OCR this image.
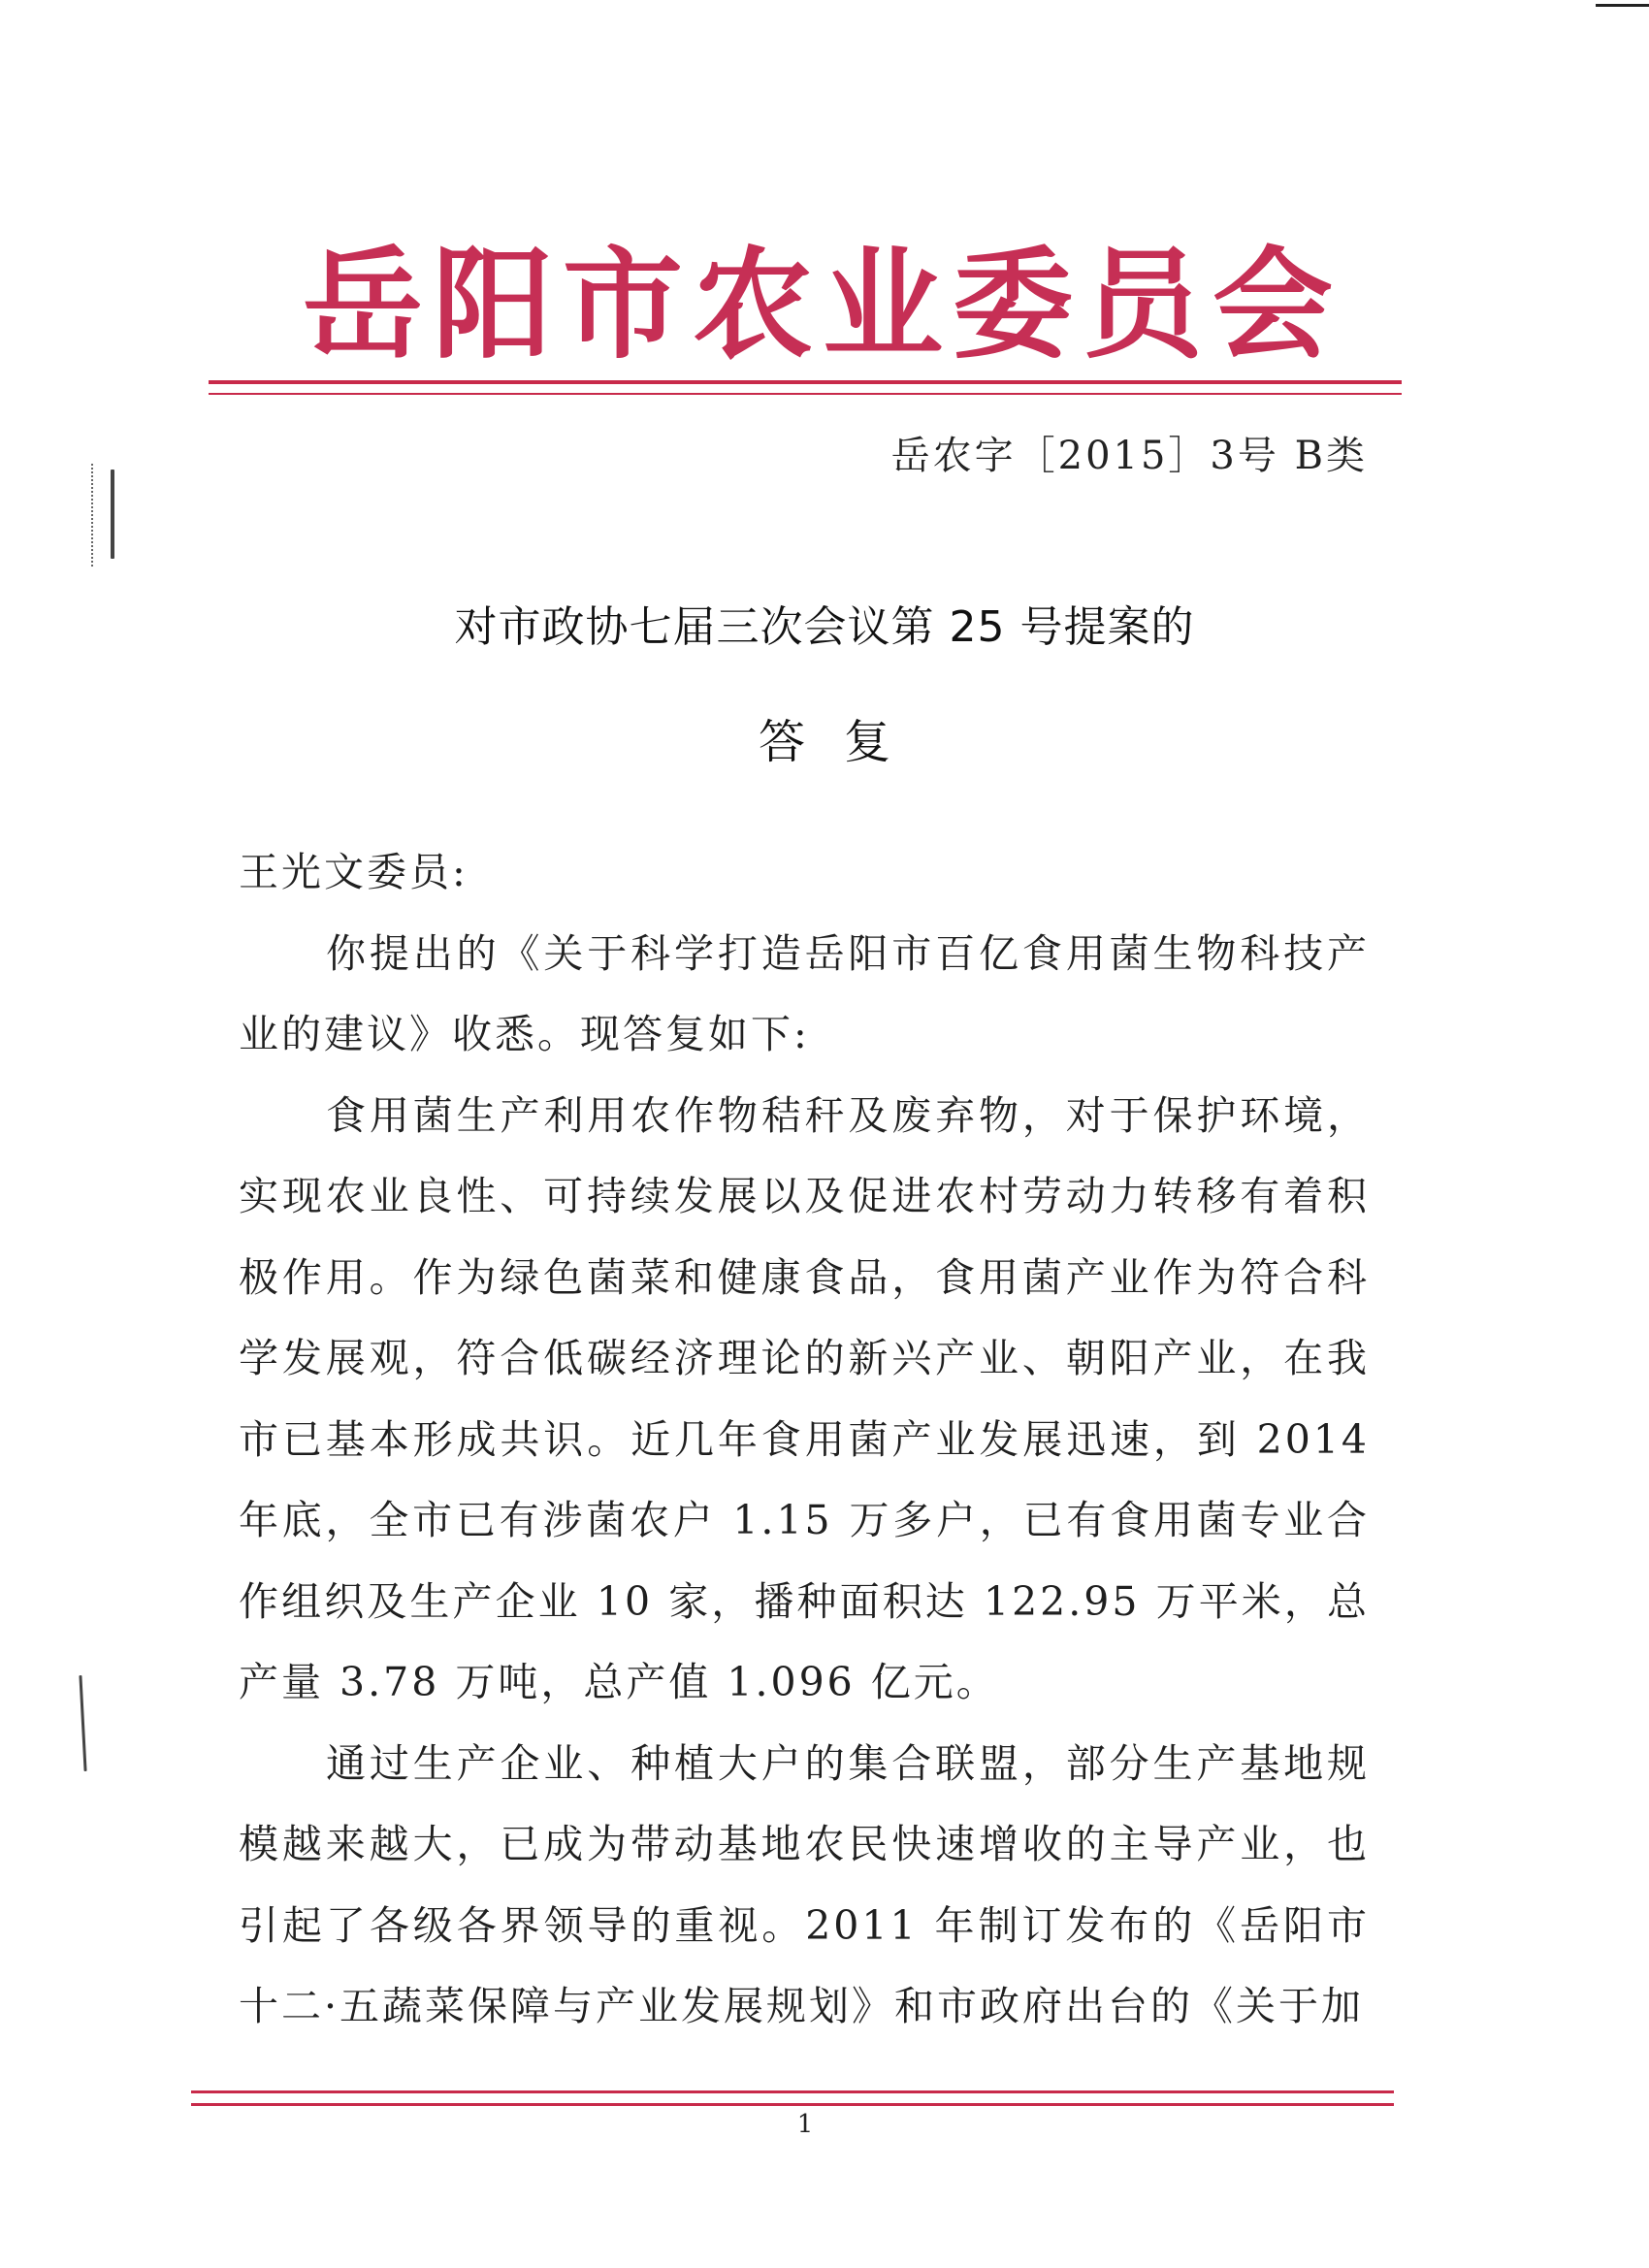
岳阳市农业委员会
岳农字［2015］3号 B类
对市政协七届三次会议第 25 号提案的
答复

王光文委员:

你提出的《关于科学打造岳阳市百亿食用菌生物科技产业的建议》收悉。现答复如下:

食用菌生产利用农作物秸秆及废弃物，对于保护环境，实现农业良性、可持续发展以及促进农村劳动力转移有着积极作用。作为绿色菌菜和健康食品，食用菌产业作为符合科学发展观，符合低碳经济理论的新兴产业、朝阳产业，在我市已基本形成共识。近几年食用菌产业发展迅速，到 2014 年底，全市已有涉菌农户 1.15 万多户，已有食用菌专业合作组织及生产企业 10 家，播种面积达 122.95 万平米，总产量 3.78 万吨，总产值 1.096 亿元。

通过生产企业、种植大户的集合联盟，部分生产基地规模越来越大，已成为带动基地农民快速增收的主导产业，也引起了各级各界领导的重视。2011 年制订发布的《岳阳市十二·五蔬菜保障与产业发展规划》和市政府出台的《关于加

1
